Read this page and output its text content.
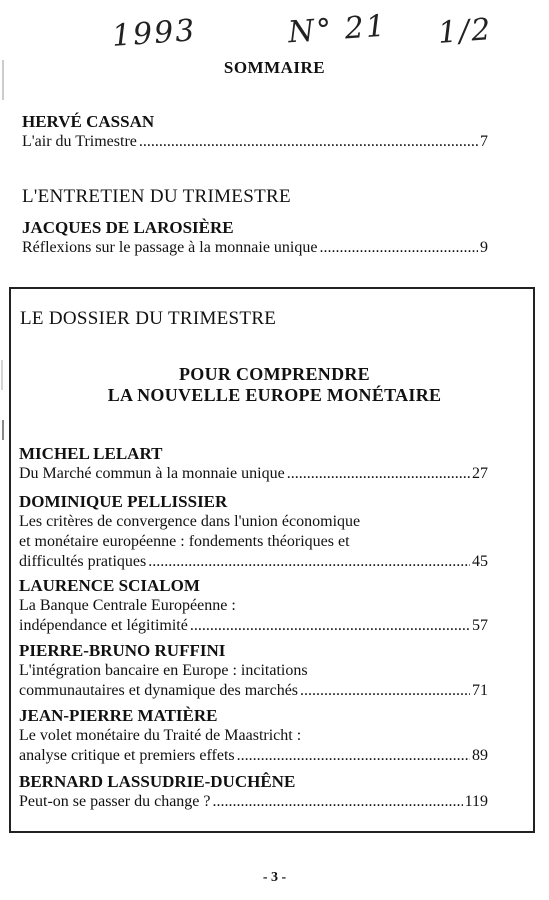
1993	N° 21 1/2
SOMMAIRE
HERVÉ CASSAN
L'air du Trimestre .....	7
L'ENTRETIEN DU TRIMESTRE
JACQUES DE LAROSIÈRE
Réflexions sur le passage à la monnaie unique .....	9
LE DOSSIER DU TRIMESTRE
POUR COMPRENDRE
LA NOUVELLE EUROPE MONÉTAIRE
MICHEL LELART
Du Marché commun à la monnaie unique .....	27
DOMINIQUE PELLISSIER
Les critères de convergence dans l'union économique
et monétaire européenne : fondements théoriques et
difficultés pratiques .....	45
LAURENCE SCIALOM
La Banque Centrale Européenne :
indépendance et légitimité .....	57
PIERRE-BRUNO RUFFINI
L'intégration bancaire en Europe : incitations
communautaires et dynamique des marchés .....	71
JEAN-PIERRE MATIÈRE
Le volet monétaire du Traité de Maastricht :
analyse critique et premiers effets .....	89
BERNARD LASSUDRIE-DUCHÊNE
Peut-on se passer du change ? .....	119
- 3 -
